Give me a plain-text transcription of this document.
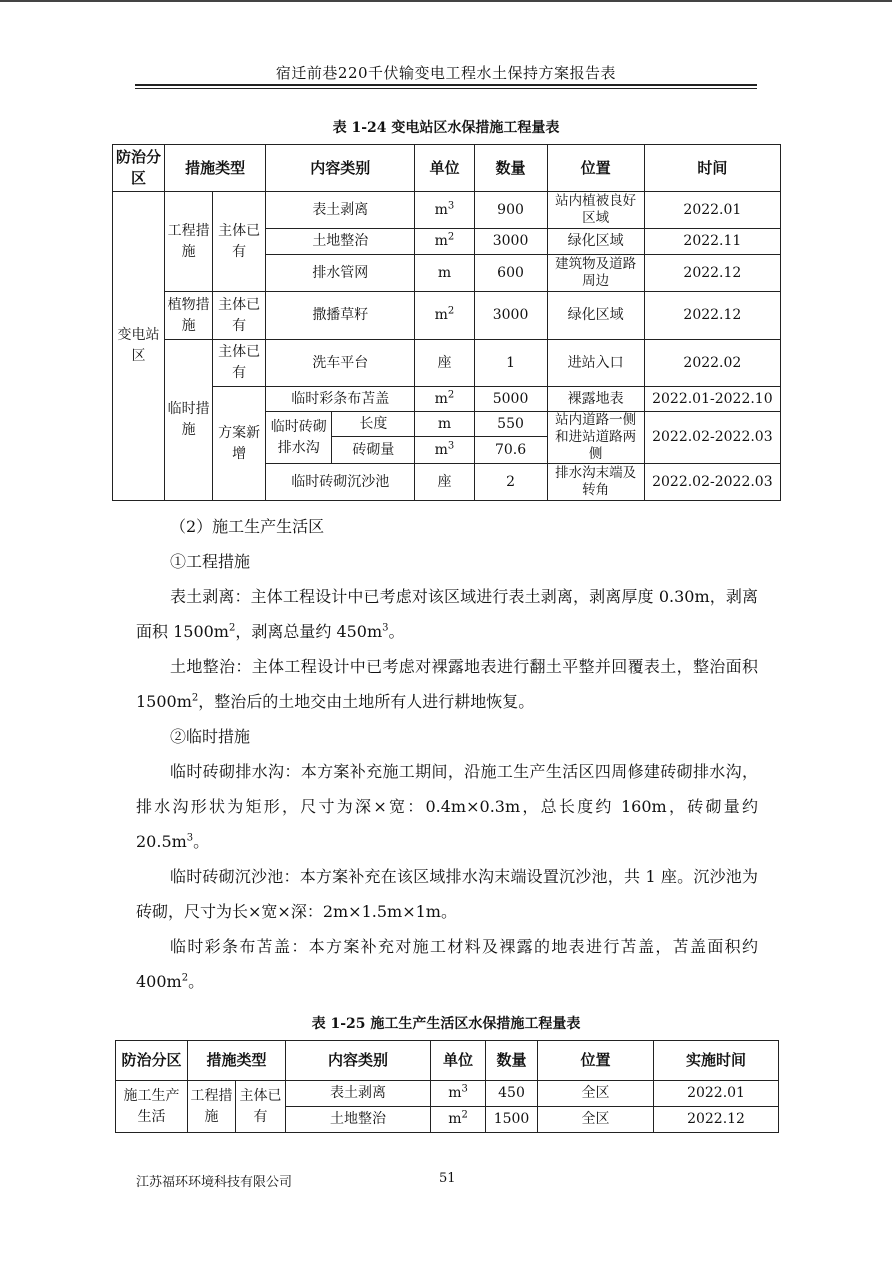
宿迁前巷220千伏输变电工程水土保持方案报告表
表 1-24 变电站区水保措施工程量表
防治分区	措施类型		内容类别		单位	数量	位置	时间
变电站区	工程措施	主体已有	表土剥离		$m^3$	900	站内植被良好区域	2022.01
			土地整治		$m^2$	3000	绿化区域	2022.11
			排水管网		m	600	建筑物及道路周边	2022.12
	植物措施	主体已有	撒播草籽		$m^2$	3000	绿化区域	2022.12
	临时措施	主体已有	洗车平台		座	1	进站入口	2022.02
		方案新增	临时彩条布苫盖		$m^2$	5000	裸露地表	2022.01-2022.10
			临时砖砌排水沟	长度	m	550	站内道路一侧和进站道路两侧	2022.02-2022.03
				砖砌量	$m^3$	70.6		
			临时砖砌沉沙池		座	2	排水沟末端及转角	2022.02-2022.03

（2）施工生产生活区

①工程措施

表土剥离：主体工程设计中已考虑对该区域进行表土剥离，剥离厚度 0.30m，剥离面积 $1500m^2$，剥离总量约 $450m^3$。

土地整治：主体工程设计中已考虑对裸露地表进行翻土平整并回覆表土，整治面积 $1500m^2$，整治后的土地交由土地所有人进行耕地恢复。

②临时措施

临时砖砌排水沟：本方案补充施工期间，沿施工生产生活区四周修建砖砌排水沟，排水沟形状为矩形，尺寸为深×宽：0.4m×0.3m，总长度约 160m，砖砌量约 $20.5m^3$。

临时砖砌沉沙池：本方案补充在该区域排水沟末端设置沉沙池，共 1 座。沉沙池为砖砌，尺寸为长×宽×深：2m×1.5m×1m。

临时彩条布苫盖：本方案补充对施工材料及裸露的地表进行苫盖，苫盖面积约 $400m^2$。

表 1-25 施工生产生活区水保措施工程量表
防治分区	措施类型		内容类别	单位	数量	位置	实施时间
施工生产生活	工程措施	主体已有	表土剥离	$m^3$	450	全区	2022.01
			土地整治	$m^2$	1500	全区	2022.12
江苏福环环境科技有限公司	51
